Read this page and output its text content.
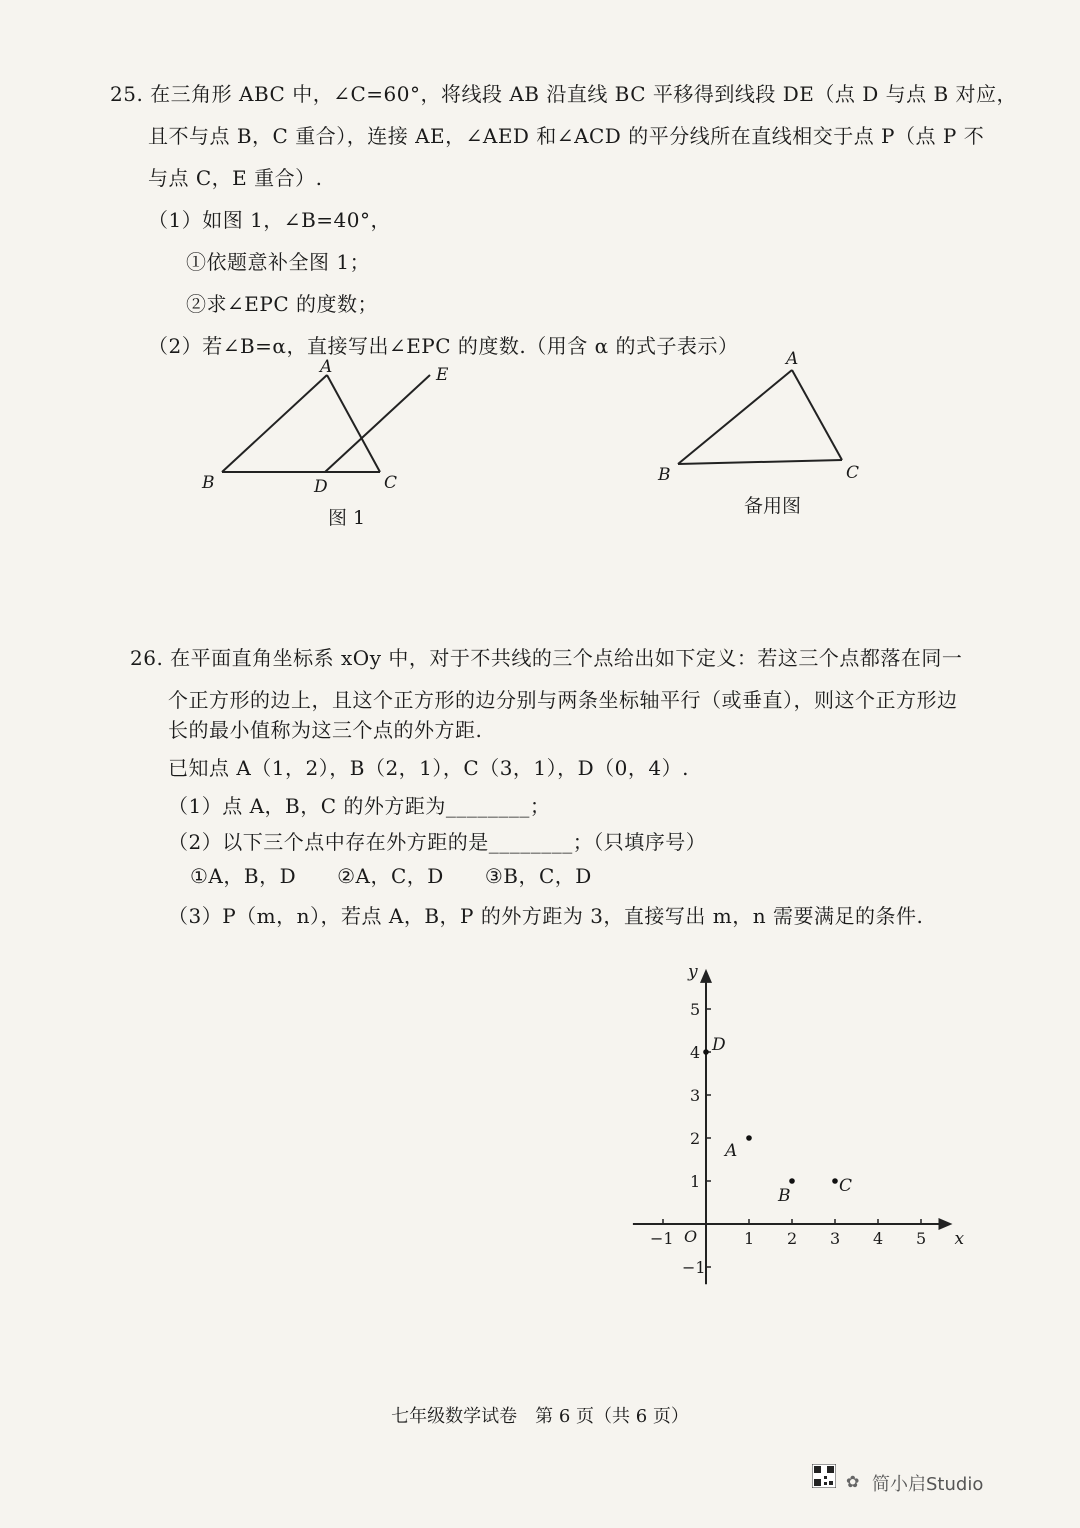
25. 在三角形 ABC 中，∠C=60°，将线段 AB 沿直线 BC 平移得到线段 DE（点 D 与点 B 对应，
且不与点 B，C 重合），连接 AE，∠AED 和∠ACD 的平分线所在直线相交于点 P（点 P 不
与点 C，E 重合）.
（1）如图 1，∠B=40°，
①依题意补全图 1；
②求∠EPC 的度数；
（2）若∠B=α，直接写出∠EPC 的度数.（用含 α 的式子表示）
A
B	C
D
E
图 1
A
B	C
备用图
26. 在平面直角坐标系 xOy 中，对于不共线的三个点给出如下定义：若这三个点都落在同一
个正方形的边上，且这个正方形的边分别与两条坐标轴平行（或垂直），则这个正方形边
长的最小值称为这三个点的外方距.
已知点 A（1，2），B（2，1），C（3，1），D（0，4）.
（1）点 A，B，C 的外方距为________；
（2）以下三个点中存在外方距的是________；（只填序号）
①A，B，D　　②A，C，D　　③B，C，D
（3）P（m，n），若点 A，B，P 的外方距为 3，直接写出 m，n 需要满足的条件.
x
y
O
−1	1 2 3 4 5
−1
1
2
3
4
5
A
B	C
D
七年级数学试卷　第 6 页（共 6 页）
✿ 简小启Studio
